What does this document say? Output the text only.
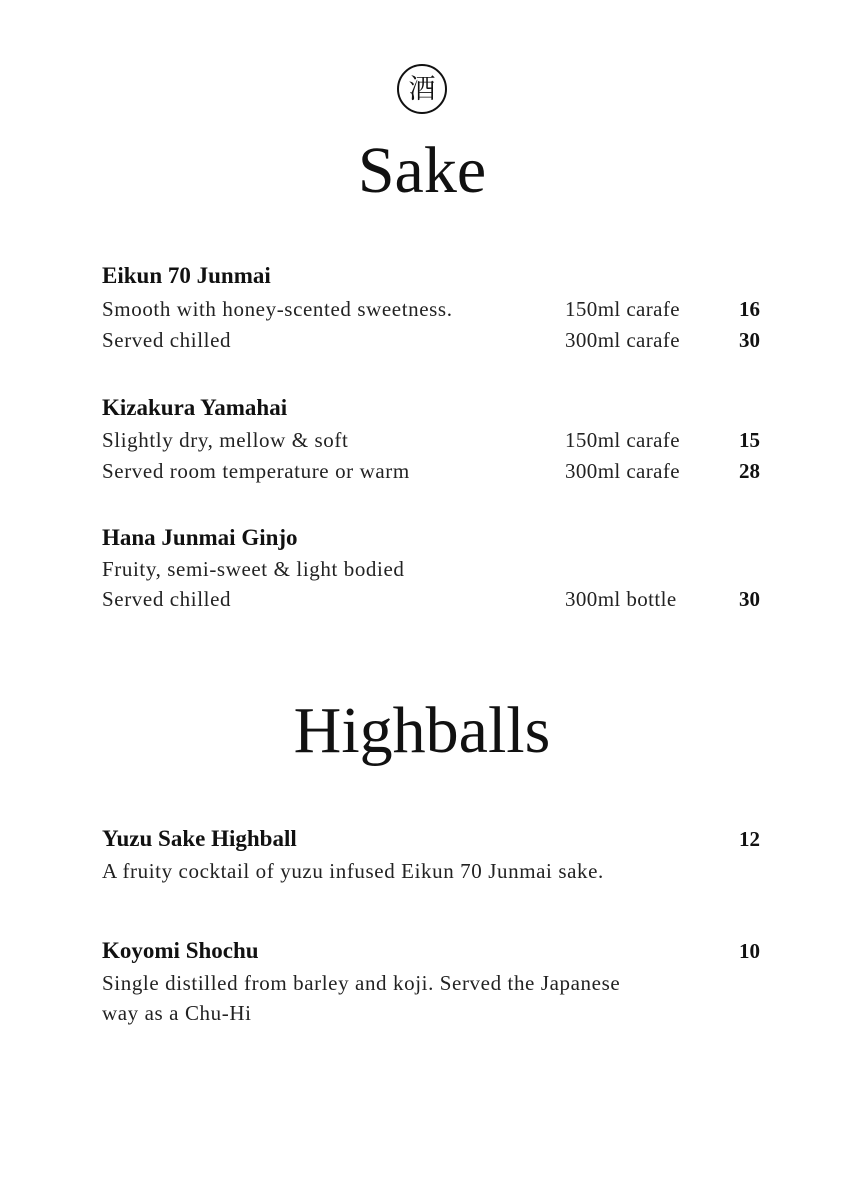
酒
Sake
Eikun 70 Junmai
Smooth with honey-scented sweetness.	150ml carafe	16
Served chilled	300ml carafe	30
Kizakura Yamahai
Slightly dry, mellow & soft	150ml carafe	15
Served room temperature or warm	300ml carafe	28
Hana Junmai Ginjo
Fruity, semi-sweet & light bodied
Served chilled	300ml bottle	30
Highballs
Yuzu Sake Highball	12
A fruity cocktail of yuzu infused Eikun 70 Junmai sake.
Koyomi Shochu	10
Single distilled from barley and koji. Served the Japanese
way as a Chu-Hi
